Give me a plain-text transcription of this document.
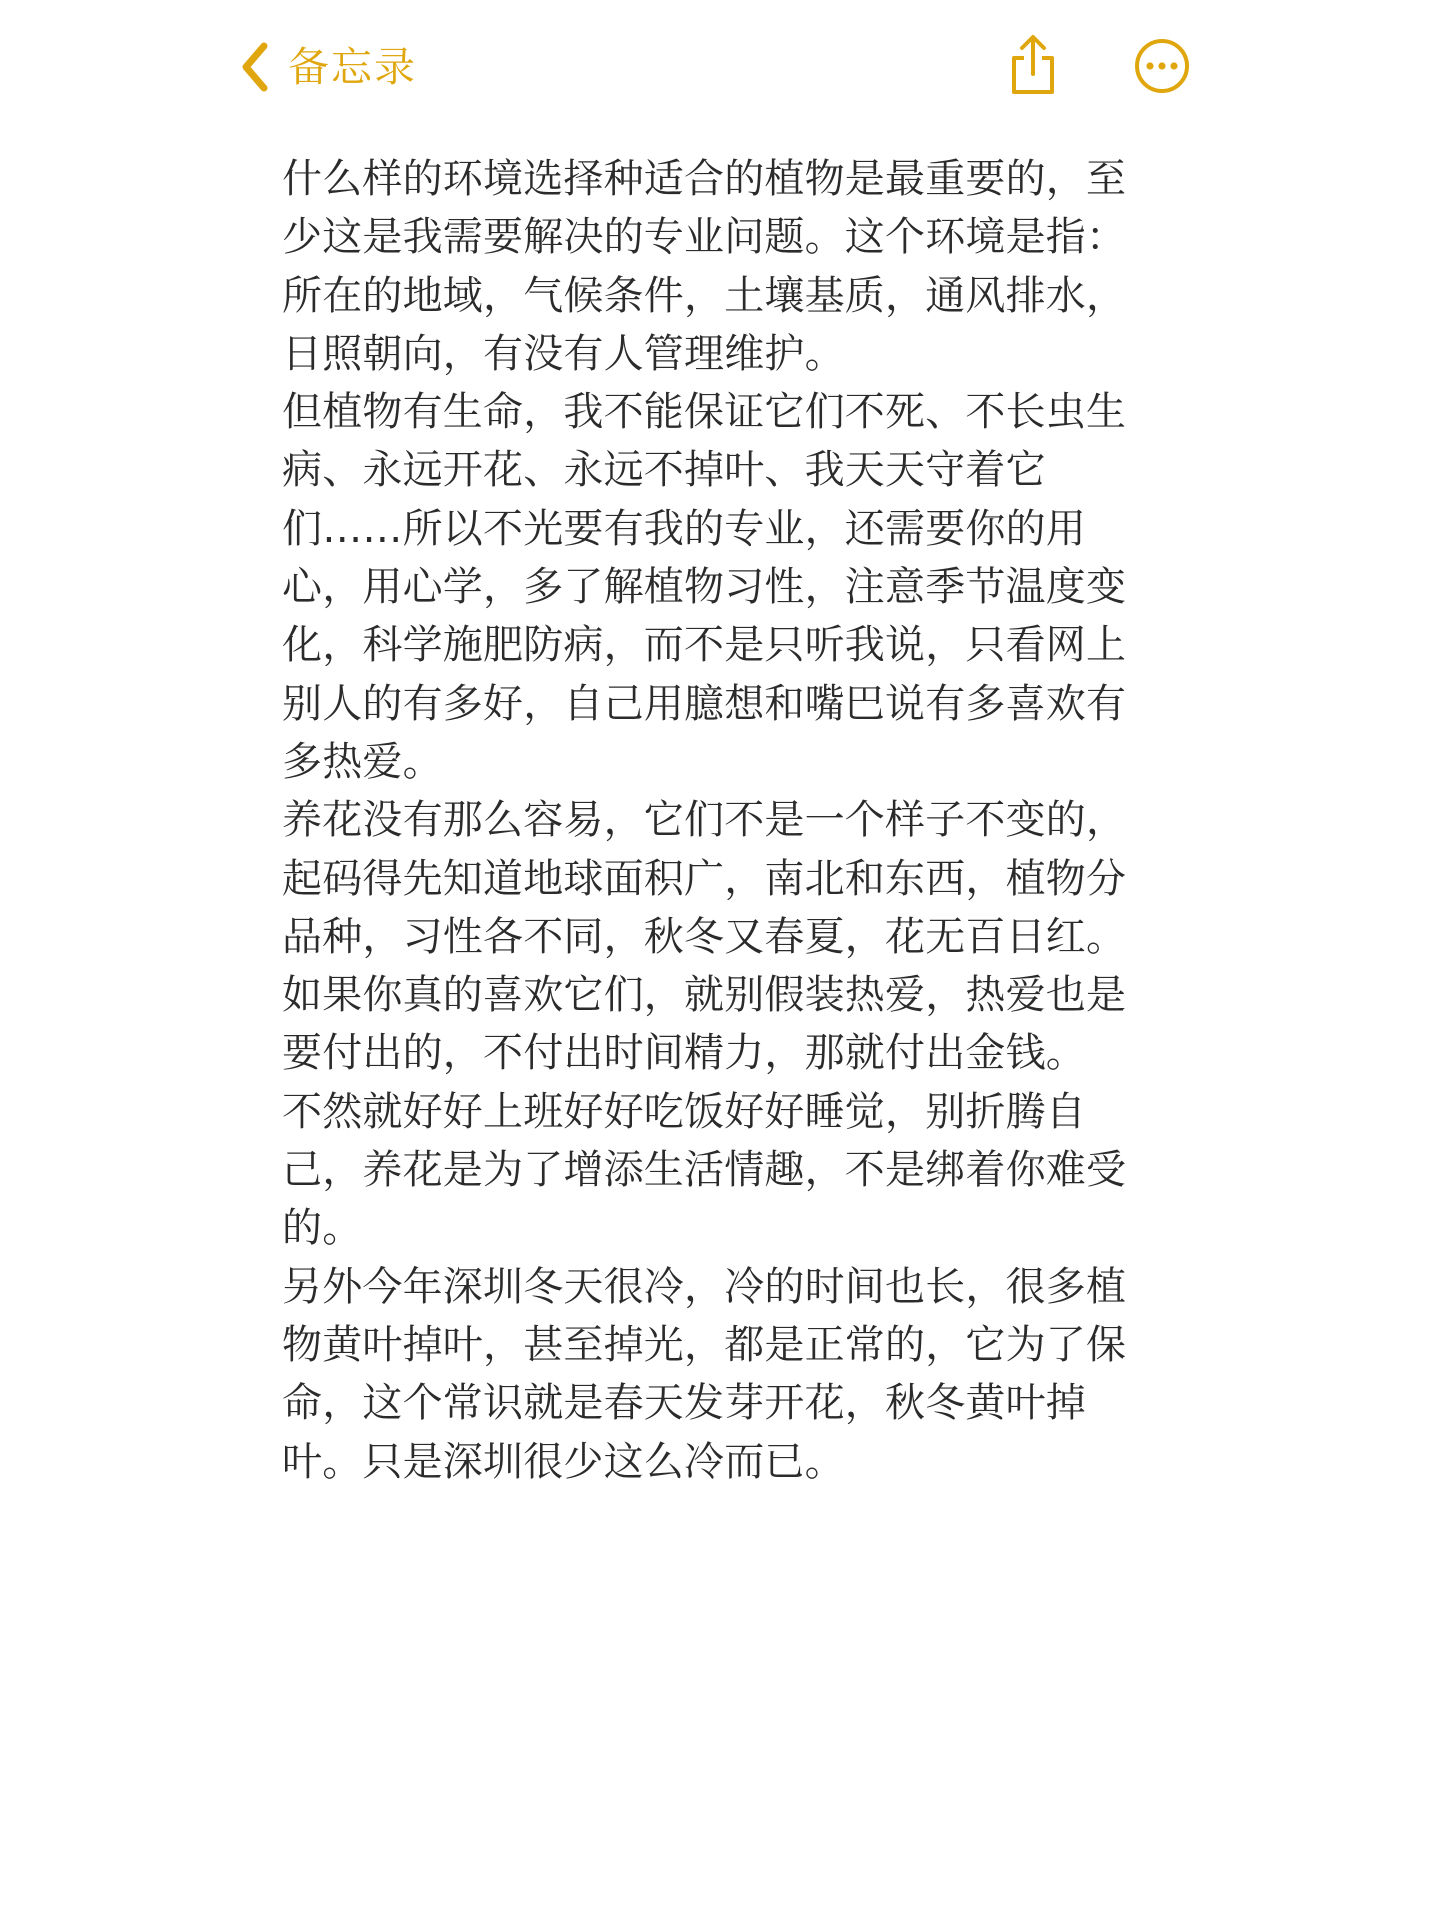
备忘录
什么样的环境选择种适合的植物是最重要的，至
少这是我需要解决的专业问题。这个环境是指：
所在的地域，气候条件，土壤基质，通风排水，
日照朝向，有没有人管理维护。
但植物有生命，我不能保证它们不死、不长虫生
病、永远开花、永远不掉叶、我天天守着它
们……所以不光要有我的专业，还需要你的用
心，用心学，多了解植物习性，注意季节温度变
化，科学施肥防病，而不是只听我说，只看网上
别人的有多好，自己用臆想和嘴巴说有多喜欢有
多热爱。
养花没有那么容易，它们不是一个样子不变的，
起码得先知道地球面积广，南北和东西，植物分
品种，习性各不同，秋冬又春夏，花无百日红。
如果你真的喜欢它们，就别假装热爱，热爱也是
要付出的，不付出时间精力，那就付出金钱。
不然就好好上班好好吃饭好好睡觉，别折腾自
己，养花是为了增添生活情趣，不是绑着你难受
的。
另外今年深圳冬天很冷，冷的时间也长，很多植
物黄叶掉叶，甚至掉光，都是正常的，它为了保
命，这个常识就是春天发芽开花，秋冬黄叶掉
叶。只是深圳很少这么冷而已。
